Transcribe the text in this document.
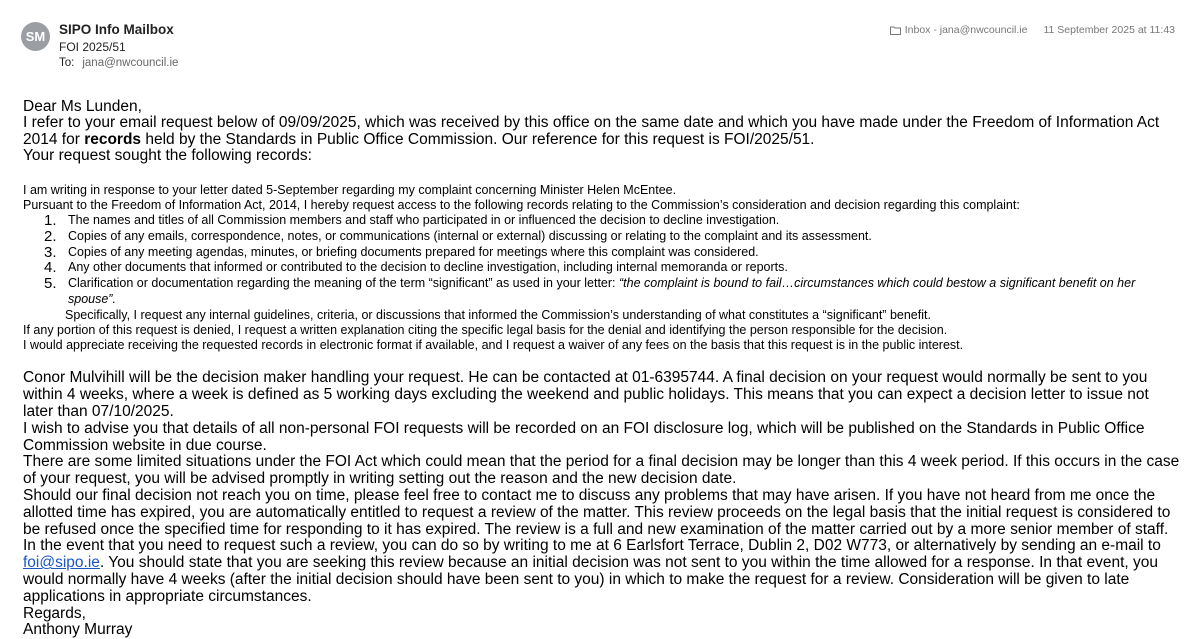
SM	SIPO Info Mailbox
FOI 2025/51
To: jana@nwcouncil.ie
Inbox - jana@nwcouncil.ie 11 September 2025 at 11:43

Dear Ms Lunden,

I refer to your email request below of 09/09/2025, which was received by this office on the same date and which you have made under the Freedom of Information Act 2014 for records held by the Standards in Public Office Commission. Our reference for this request is FOI/2025/51.

Your request sought the following records:

I am writing in response to your letter dated 5-September regarding my complaint concerning Minister Helen McEntee.

Pursuant to the Freedom of Information Act, 2014, I hereby request access to the following records relating to the Commission’s consideration and decision regarding this complaint:

1. The names and titles of all Commission members and staff who participated in or influenced the decision to decline investigation.
2. Copies of any emails, correspondence, notes, or communications (internal or external) discussing or relating to the complaint and its assessment.
3. Copies of any meeting agendas, minutes, or briefing documents prepared for meetings where this complaint was considered.
4. Any other documents that informed or contributed to the decision to decline investigation, including internal memoranda or reports.
5. Clarification or documentation regarding the meaning of the term “significant” as used in your letter: “the complaint is bound to fail…circumstances which could bestow a significant benefit on her spouse”.

Specifically, I request any internal guidelines, criteria, or discussions that informed the Commission’s understanding of what constitutes a “significant” benefit.

If any portion of this request is denied, I request a written explanation citing the specific legal basis for the denial and identifying the person responsible for the decision.

I would appreciate receiving the requested records in electronic format if available, and I request a waiver of any fees on the basis that this request is in the public interest.

Conor Mulvihill will be the decision maker handling your request. He can be contacted at 01-6395744. A final decision on your request would normally be sent to you within 4 weeks, where a week is defined as 5 working days excluding the weekend and public holidays. This means that you can expect a decision letter to issue not later than 07/10/2025.

I wish to advise you that details of all non-personal FOI requests will be recorded on an FOI disclosure log, which will be published on the Standards in Public Office Commission website in due course.

There are some limited situations under the FOI Act which could mean that the period for a final decision may be longer than this 4 week period. If this occurs in the case of your request, you will be advised promptly in writing setting out the reason and the new decision date.

Should our final decision not reach you on time, please feel free to contact me to discuss any problems that may have arisen. If you have not heard from me once the allotted time has expired, you are automatically entitled to request a review of the matter. This review proceeds on the legal basis that the initial request is considered to be refused once the specified time for responding to it has expired. The review is a full and new examination of the matter carried out by a more senior member of staff.

In the event that you need to request such a review, you can do so by writing to me at 6 Earlsfort Terrace, Dublin 2, D02 W773, or alternatively by sending an e-mail to foi@sipo.ie. You should state that you are seeking this review because an initial decision was not sent to you within the time allowed for a response. In that event, you would normally have 4 weeks (after the initial decision should have been sent to you) in which to make the request for a review. Consideration will be given to late applications in appropriate circumstances.

Regards,

Anthony Murray
